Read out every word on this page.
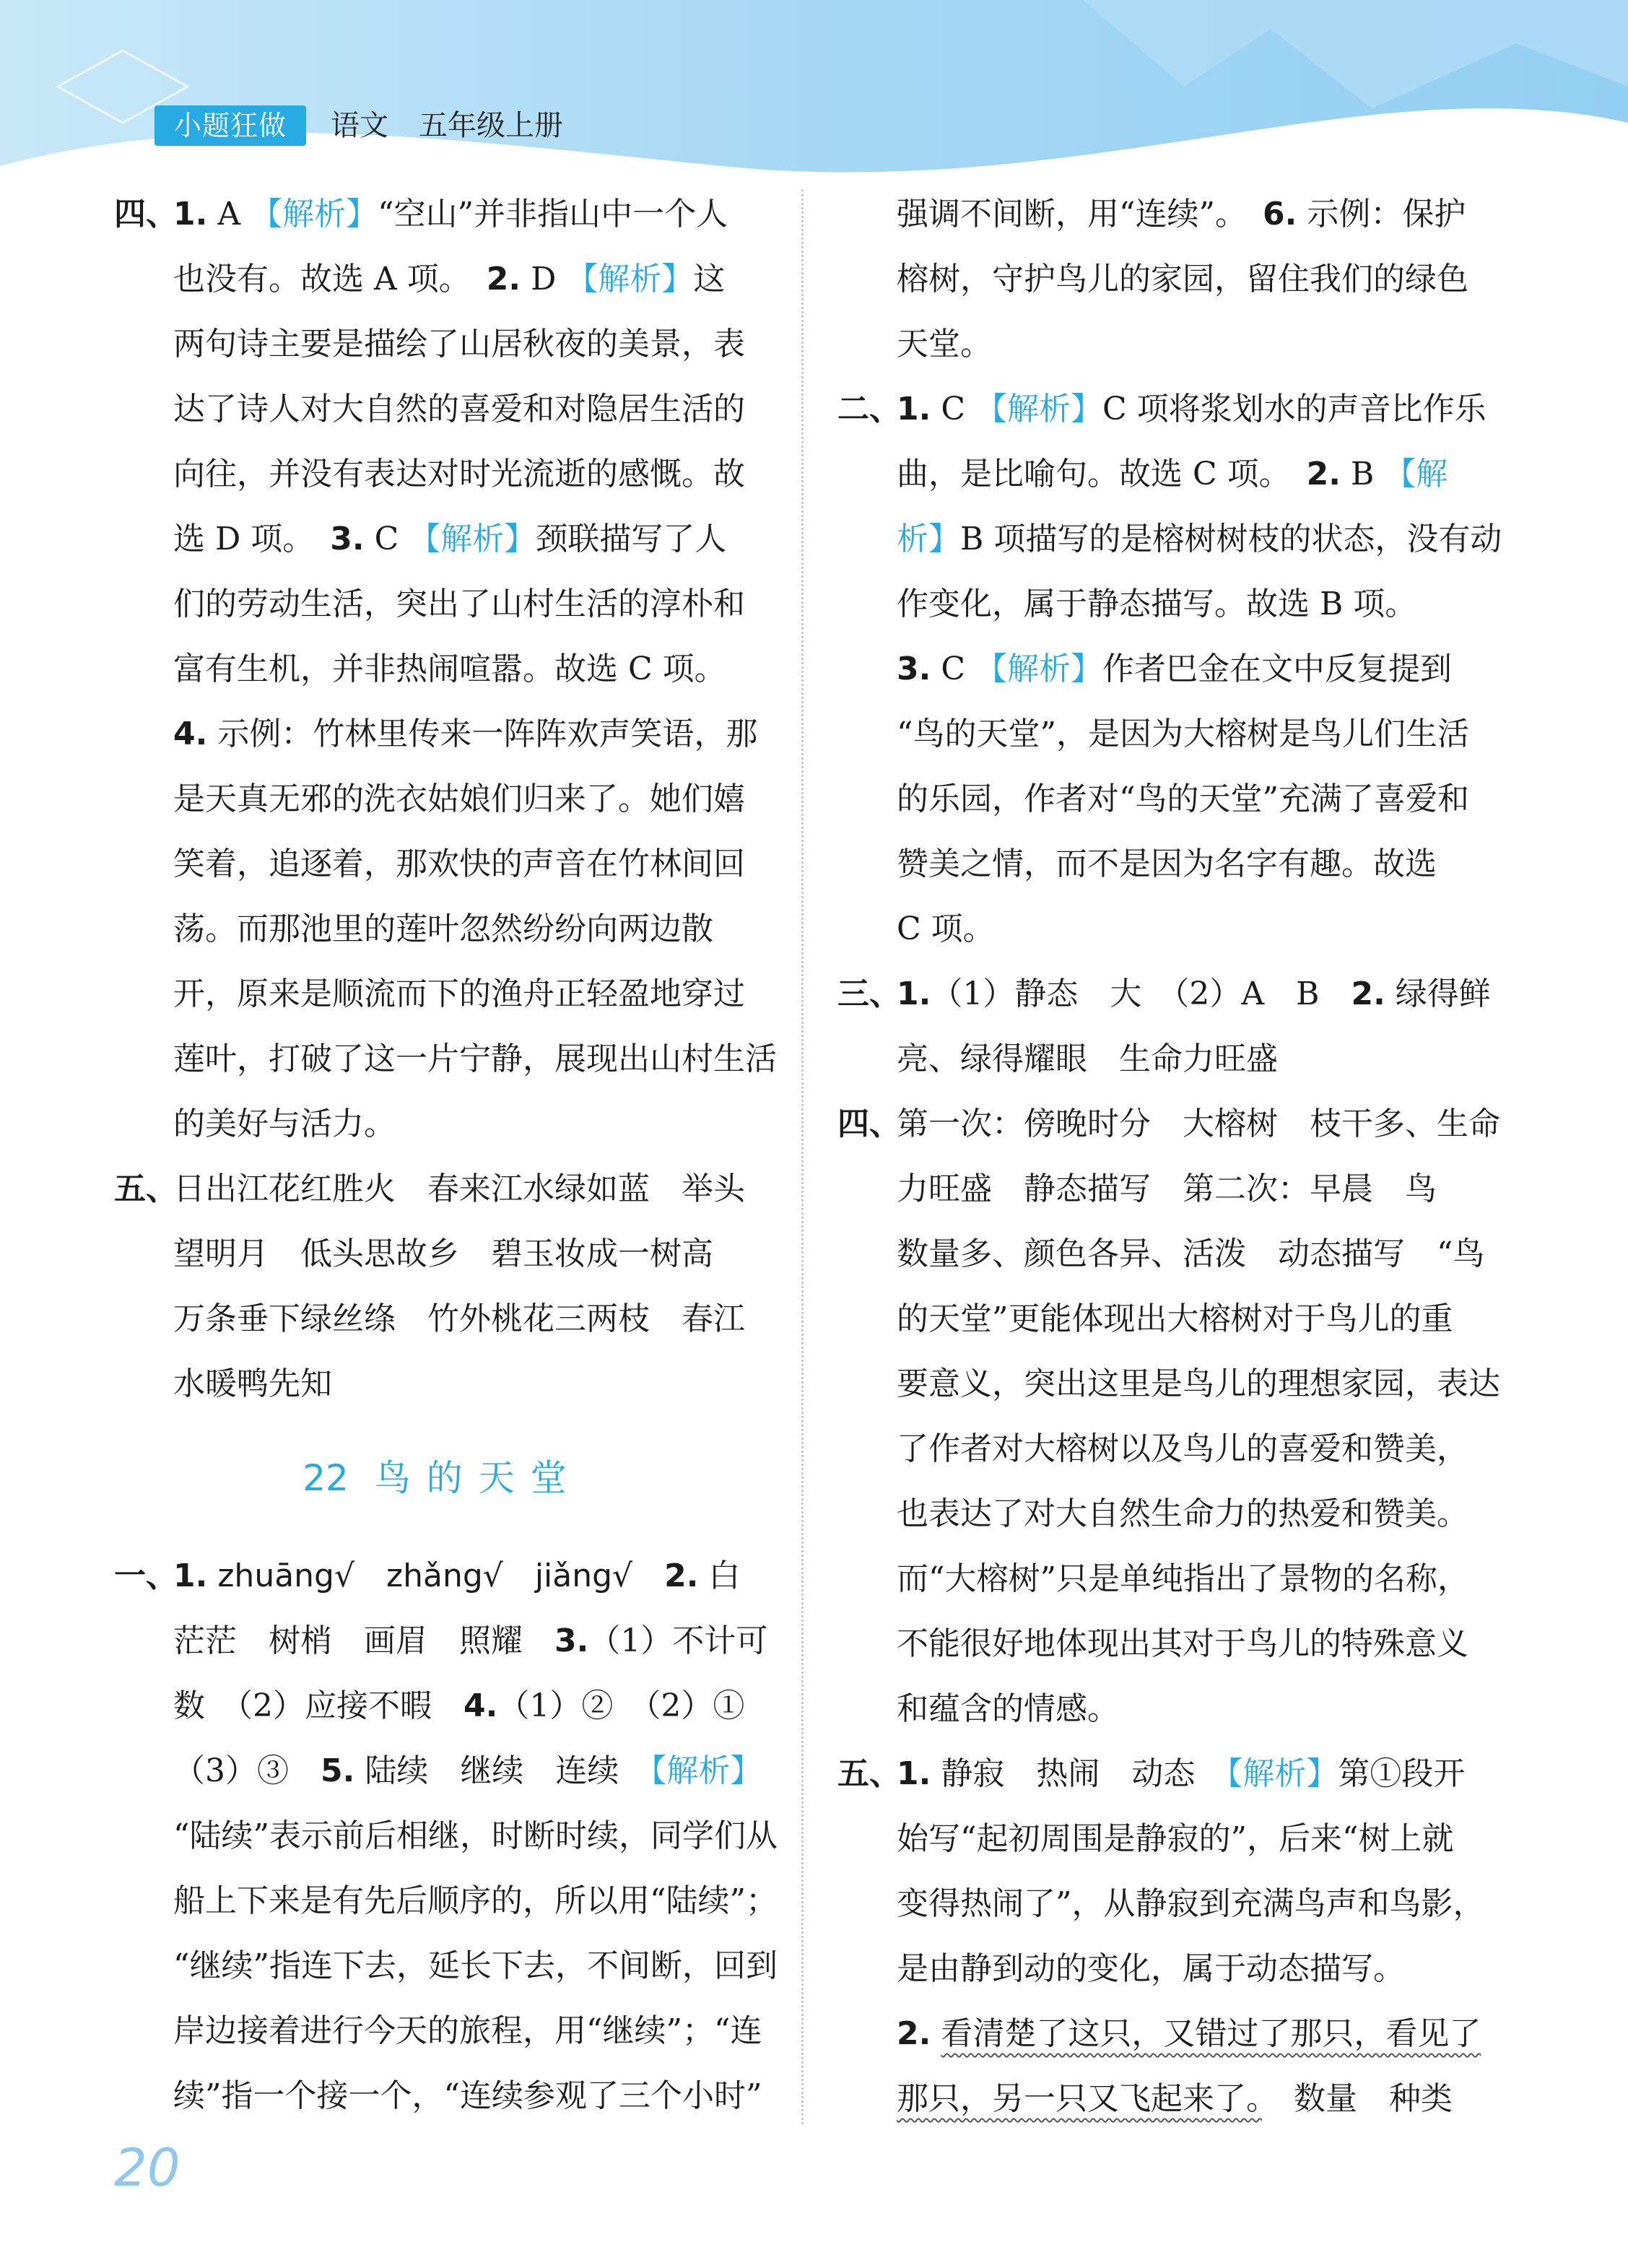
小题狂做	语文 五年级上册
四、
1. A 【解析】“空山”并非指山中一个人
也没有。故选 A 项。　 2. D 【解析】这
两句诗主要是描绘了山居秋夜的美景，表
达了诗人对大自然的喜爱和对隐居生活的
向往，并没有表达对时光流逝的感慨。故
选 D 项。　 3. C 【解析】颈联描写了人
们的劳动生活，突出了山村生活的淳朴和
富有生机，并非热闹喧嚣。故选 C 项。
4. 示例：竹林里传来一阵阵欢声笑语，那
是天真无邪的洗衣姑娘们归来了。她们嬉
笑着，追逐着，那欢快的声音在竹林间回
荡。而那池里的莲叶忽然纷纷向两边散
开，原来是顺流而下的渔舟正轻盈地穿过
莲叶，打破了这一片宁静，展现出山村生活
的美好与活力。
五、
日出江花红胜火　春来江水绿如蓝　举头
望明月　低头思故乡　碧玉妆成一树高
万条垂下绿丝绦　竹外桃花三两枝　春江
水暖鸭先知
22 鸟的天堂
一、
1. zhuāng√　zhǎng√　jiǎng√　2. 白
茫茫　树梢　画眉　照耀　3.（1）不计可
数　（2）应接不暇　4.（1）②　（2）①
（3）③　5. 陆续　继续　连续　【解析】
“陆续”表示前后相继，时断时续，同学们从
船上下来是有先后顺序的，所以用“陆续”；
“继续”指连下去，延长下去，不间断，回到
岸边接着进行今天的旅程，用“继续”；“连
续”指一个接一个，“连续参观了三个小时”
强调不间断，用“连续”。　6. 示例：保护
榕树，守护鸟儿的家园，留住我们的绿色
天堂。
二、
1. C 【解析】C 项将浆划水的声音比作乐
曲，是比喻句。故选 C 项。　2. B 【解
析】B 项描写的是榕树树枝的状态，没有动
作变化，属于静态描写。故选 B 项。
3. C 【解析】作者巴金在文中反复提到
“鸟的天堂”，是因为大榕树是鸟儿们生活
的乐园，作者对“鸟的天堂”充满了喜爱和
赞美之情，而不是因为名字有趣。故选
C 项。
三、
1.（1）静态　大　（2）A　B　2. 绿得鲜
亮、绿得耀眼　生命力旺盛
四、
第一次：傍晚时分　大榕树　枝干多、生命
力旺盛　静态描写　第二次：早晨　鸟
数量多、颜色各异、活泼　动态描写　“鸟
的天堂”更能体现出大榕树对于鸟儿的重
要意义，突出这里是鸟儿的理想家园，表达
了作者对大榕树以及鸟儿的喜爱和赞美，
也表达了对大自然生命力的热爱和赞美。
而“大榕树”只是单纯指出了景物的名称，
不能很好地体现出其对于鸟儿的特殊意义
和蕴含的情感。
五、
1. 静寂　热闹　动态　【解析】第①段开
始写“起初周围是静寂的”，后来“树上就
变得热闹了”，从静寂到充满鸟声和鸟影，
是由静到动的变化，属于动态描写。
2. 看清楚了这只，又错过了那只，看见了
那只，另一只又飞起来了。　数量　种类
20
